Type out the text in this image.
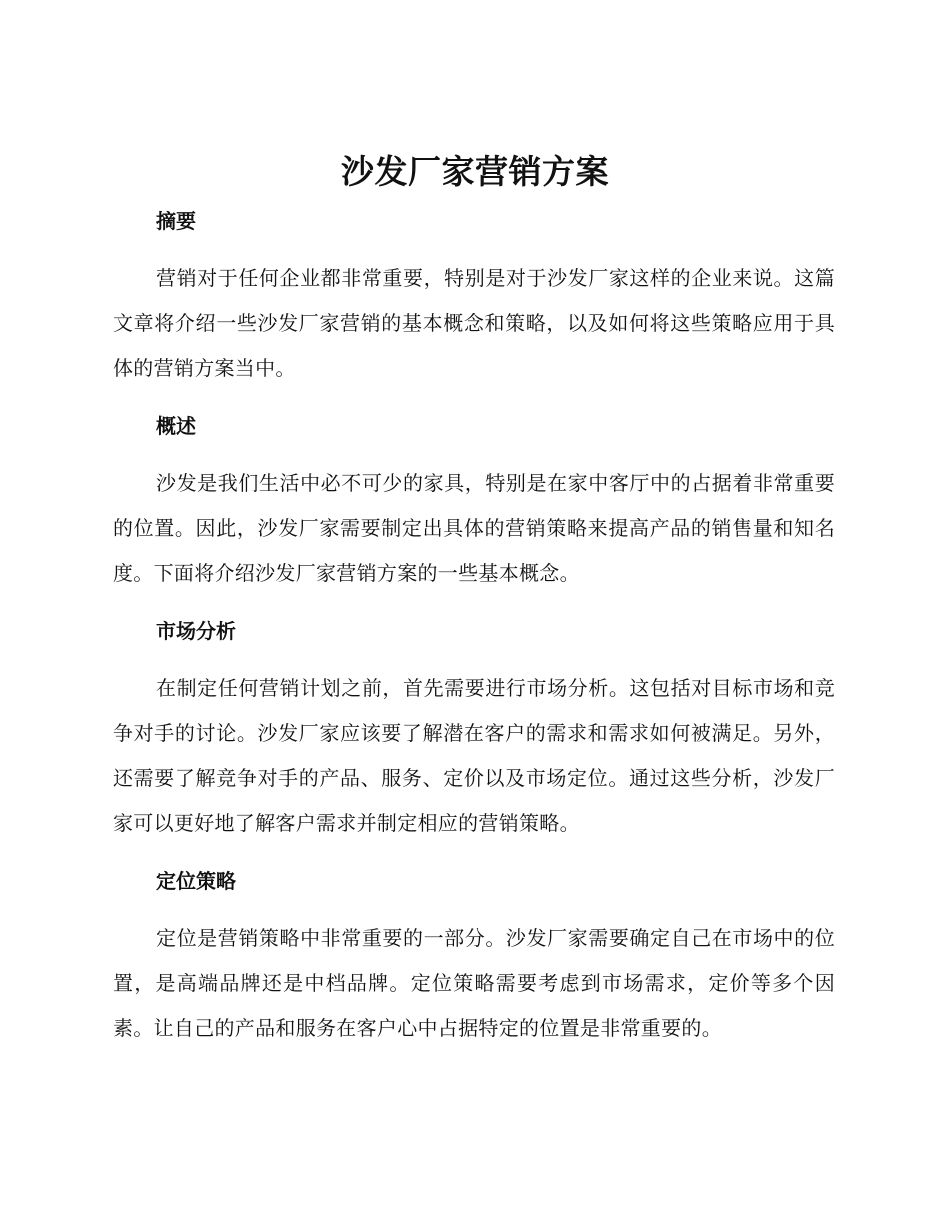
沙发厂家营销方案
摘要

营销对于任何企业都非常重要，特别是对于沙发厂家这样的企业来说。这篇文章将介绍一些沙发厂家营销的基本概念和策略，以及如何将这些策略应用于具体的营销方案当中。

概述

沙发是我们生活中必不可少的家具，特别是在家中客厅中的占据着非常重要的位置。因此，沙发厂家需要制定出具体的营销策略来提高产品的销售量和知名度。下面将介绍沙发厂家营销方案的一些基本概念。

市场分析

在制定任何营销计划之前，首先需要进行市场分析。这包括对目标市场和竞争对手的讨论。沙发厂家应该要了解潜在客户的需求和需求如何被满足。另外，还需要了解竞争对手的产品、服务、定价以及市场定位。通过这些分析，沙发厂家可以更好地了解客户需求并制定相应的营销策略。

定位策略

定位是营销策略中非常重要的一部分。沙发厂家需要确定自己在市场中的位置，是高端品牌还是中档品牌。定位策略需要考虑到市场需求，定价等多个因素。让自己的产品和服务在客户心中占据特定的位置是非常重要的。
